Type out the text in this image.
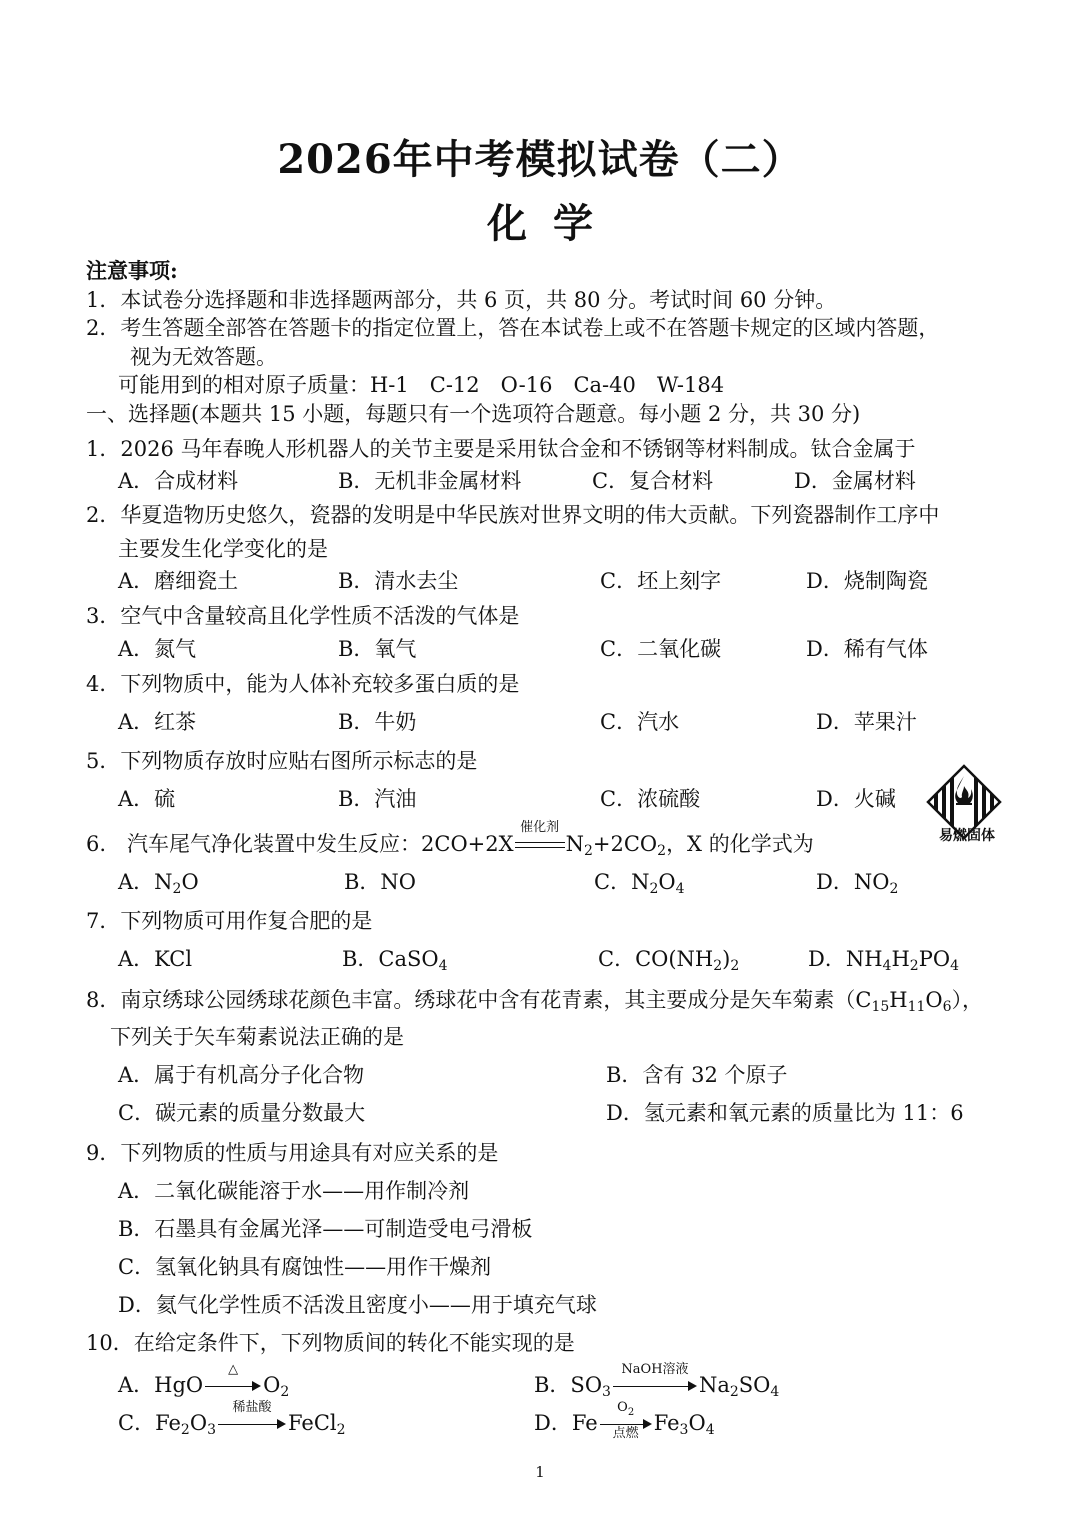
2026年中考模拟试卷（二）
化学
注意事项:
1．本试卷分选择题和非选择题两部分，共 6 页，共 80 分。考试时间 60 分钟。
2．考生答题全部答在答题卡的指定位置上，答在本试卷上或不在答题卡规定的区域内答题，
视为无效答题。
可能用到的相对原子质量：H-1　C-12　O-16　Ca-40　W-184
一、选择题(本题共 15 小题，每题只有一个选项符合题意。每小题 2 分，共 30 分)
1．2026 马年春晚人形机器人的关节主要是采用钛合金和不锈钢等材料制成。钛合金属于
A．合成材料	B．无机非金属材料	C．复合材料	D．金属材料
2．华夏造物历史悠久，瓷器的发明是中华民族对世界文明的伟大贡献。下列瓷器制作工序中
主要发生化学变化的是
A．磨细瓷土	B．清水去尘	C．坯上刻字	D．烧制陶瓷
3．空气中含量较高且化学性质不活泼的气体是
A．氮气	B．氧气	C．二氧化碳	D．稀有气体
4．下列物质中，能为人体补充较多蛋白质的是
A．红茶	B．牛奶	C．汽水	D．苹果汁
5．下列物质存放时应贴右图所示标志的是
A．硫	B．汽油	C．浓硫酸	D．火碱
易燃固体
6.　汽车尾气净化装置中发生反应：2CO+2X
催化剂
$N_2+2CO_2$，X 的化学式为
A．$N_2O$	B．NO	C．$N_2O_4$	D．$NO_2$
7．下列物质可用作复合肥的是
A．KCl	B．CaSO$_4$	C．$CO(NH_2)_2$	D．$NH_4H_2PO_4$
8．南京绣球公园绣球花颜色丰富。绣球花中含有花青素，其主要成分是矢车菊素$(C_{15}H_{11}O_6)$，
下列关于矢车菊素说法正确的是
A．属于有机高分子化合物	B．含有 32 个原子
C．碳元素的质量分数最大	D．氢元素和氧元素的质量比为 11：6
9．下列物质的性质与用途具有对应关系的是
A．二氧化碳能溶于水——用作制冷剂
B．石墨具有金属光泽——可制造受电弓滑板
C．氢氧化钠具有腐蚀性——用作干燥剂
D．氦气化学性质不活泼且密度小——用于填充气球
10．在给定条件下，下列物质间的转化不能实现的是
A．HgO
△
$O_2$	B．$SO_3$
NaOH溶液
$Na_2SO_4$
C．$Fe_2O_3$
稀盐酸
FeCl$_2$	D．Fe
$O_2$
点燃 $Fe_3O_4$
1
